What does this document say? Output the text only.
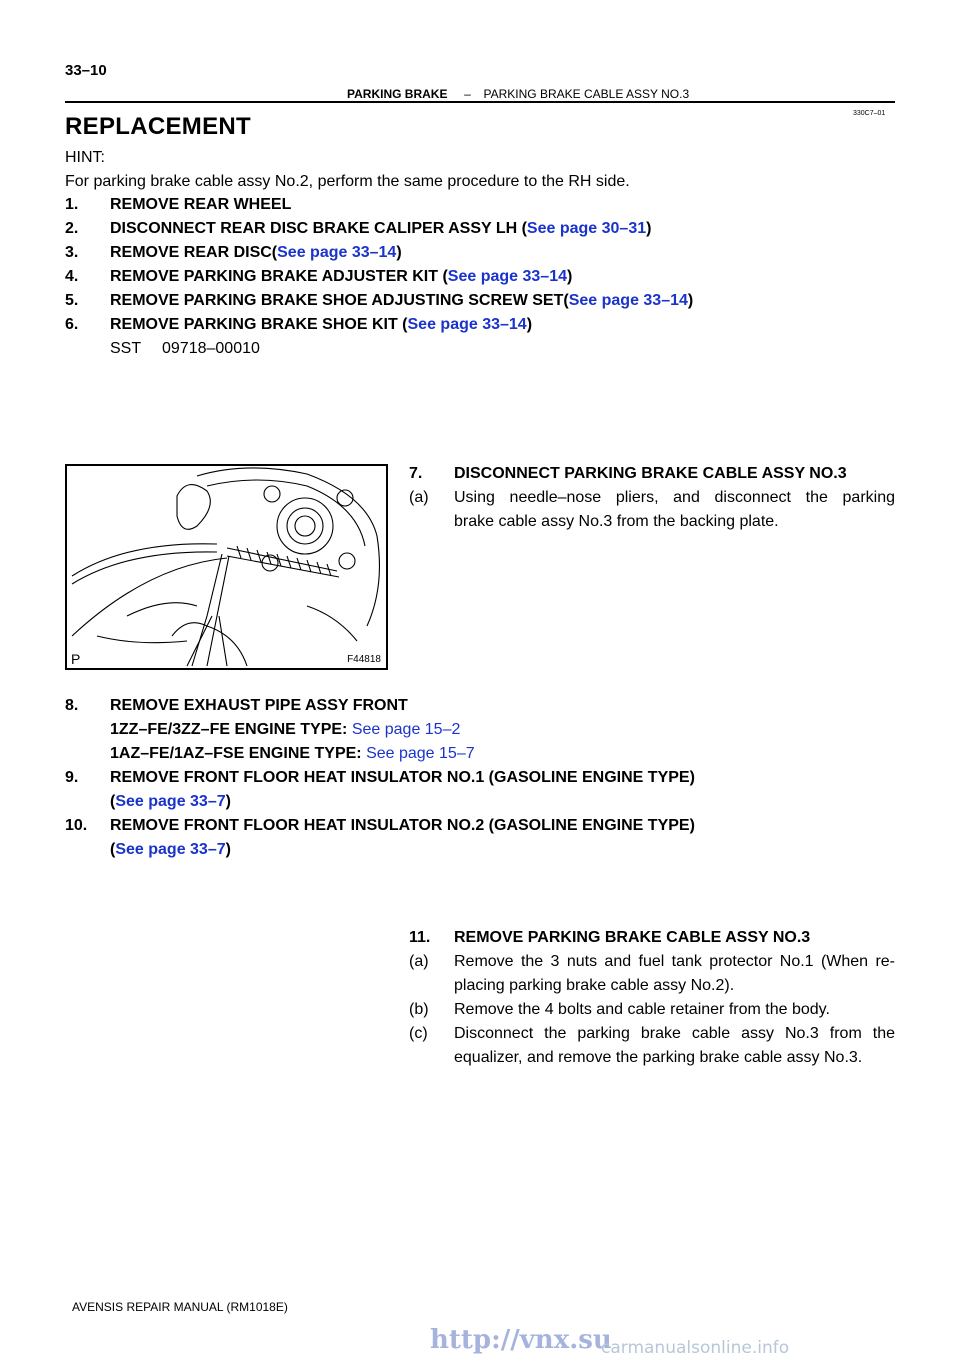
33–10
PARKING BRAKE – PARKING BRAKE CABLE ASSY NO.3
330C7–01
REPLACEMENT
HINT:
For parking brake cable assy No.2, perform the same procedure to the RH side.
1. REMOVE REAR WHEEL
2. DISCONNECT REAR DISC BRAKE CALIPER ASSY LH (See page 30–31)
3. REMOVE REAR DISC(See page 33–14)
4. REMOVE PARKING BRAKE ADJUSTER KIT (See page 33–14)
5. REMOVE PARKING BRAKE SHOE ADJUSTING SCREW SET(See page 33–14)
6. REMOVE PARKING BRAKE SHOE KIT (See page 33–14)
SST 09718–00010
7. DISCONNECT PARKING BRAKE CABLE ASSY NO.3
(a)	Using needle–nose pliers, and disconnect the parking
brake cable assy No.3 from the backing plate.
F44818
P
8. REMOVE EXHAUST PIPE ASSY FRONT
1ZZ–FE/3ZZ–FE ENGINE TYPE: See page 15–2
1AZ–FE/1AZ–FSE ENGINE TYPE: See page 15–7
9. REMOVE FRONT FLOOR HEAT INSULATOR NO.1 (GASOLINE ENGINE TYPE)
(See page 33–7)
10. REMOVE FRONT FLOOR HEAT INSULATOR NO.2 (GASOLINE ENGINE TYPE)
(See page 33–7)
11. REMOVE PARKING BRAKE CABLE ASSY NO.3
(a) Remove the 3 nuts and fuel tank protector No.1 (When re-
placing parking brake cable assy No.2).
(b) Remove the 4 bolts and cable retainer from the body.
(c) Disconnect the parking brake cable assy No.3 from the
equalizer, and remove the parking brake cable assy No.3.
AVENSIS REPAIR MANUAL (RM1018E)
http://vnx.su
carmanualsonline.info
